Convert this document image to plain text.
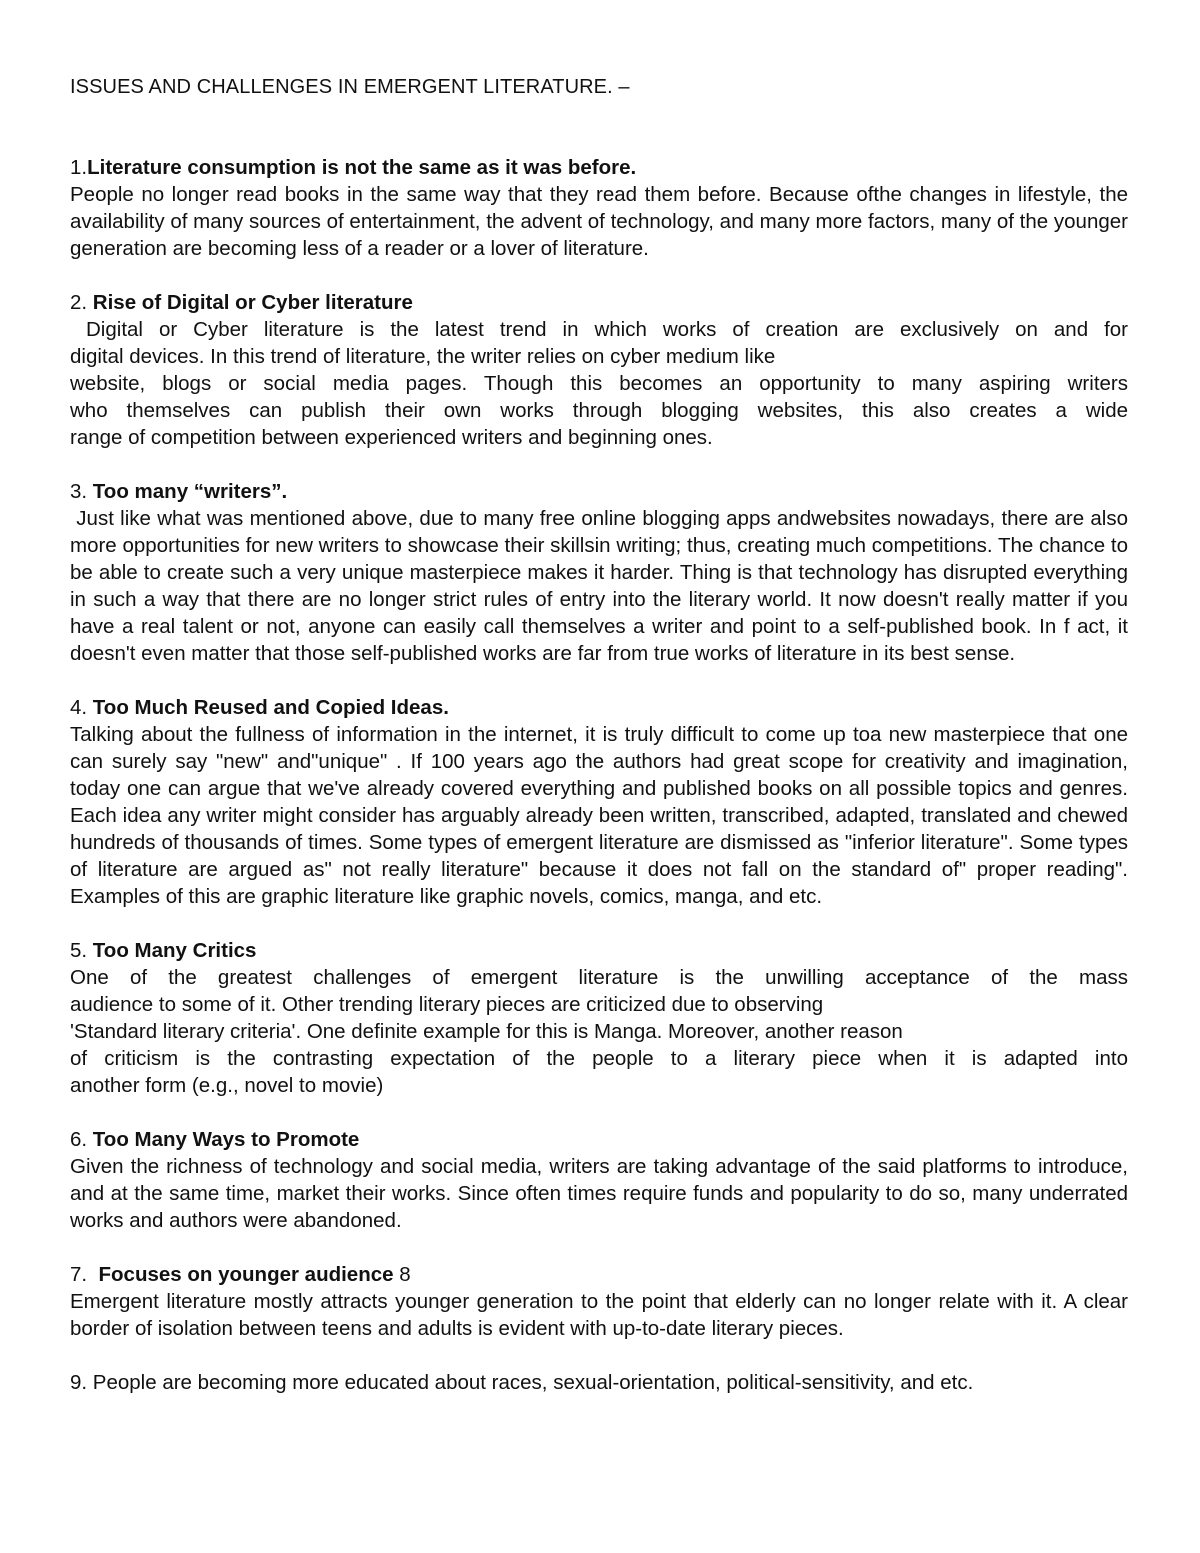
ISSUES AND CHALLENGES IN EMERGENT LITERATURE. –

1.Literature consumption is not the same as it was before.

People no longer read books in the same way that they read them before. Because ofthe changes in lifestyle, the availability of many sources of entertainment, the advent of technology, and many more factors, many of the younger generation are becoming less of a reader or a lover of literature.

2. Rise of Digital or Cyber literature

Digital or Cyber literature is the latest trend in which works of creation are exclusively on and for
digital devices. In this trend of literature, the writer relies on cyber medium like
website, blogs or social media pages. Though this becomes an opportunity to many aspiring writers
who themselves can publish their own works through blogging websites, this also creates a wide
range of competition between experienced writers and beginning ones.

3. Too many “writers”.

Just like what was mentioned above, due to many free online blogging apps andwebsites nowadays, there are also more opportunities for new writers to showcase their skillsin writing; thus, creating much competitions. The chance to be able to create such a very unique masterpiece makes it harder. Thing is that technology has disrupted everything in such a way that there are no longer strict rules of entry into the literary world. It now doesn't really matter if you have a real talent or not, anyone can easily call themselves a writer and point to a self-published book. In f act, it doesn't even matter that those self-published works are far from true works of literature in its best sense.

4. Too Much Reused and Copied Ideas.

Talking about the fullness of information in the internet, it is truly difficult to come up toa new masterpiece that one can surely say "new" and"unique" . If 100 years ago the authors had great scope for creativity and imagination, today one can argue that we've already covered everything and published books on all possible topics and genres. Each idea any writer might consider has arguably already been written, transcribed, adapted, translated and chewed hundreds of thousands of times. Some types of emergent literature are dismissed as "inferior literature". Some types of literature are argued as" not really literature" because it does not fall on the standard of" proper reading". Examples of this are graphic literature like graphic novels, comics, manga, and etc.

5. Too Many Critics

One of the greatest challenges of emergent literature is the unwilling acceptance of the mass
audience to some of it. Other trending literary pieces are criticized due to observing
'Standard literary criteria'. One definite example for this is Manga. Moreover, another reason
of criticism is the contrasting expectation of the people to a literary piece when it is adapted into
another form (e.g., novel to movie)

6. Too Many Ways to Promote

Given the richness of technology and social media, writers are taking advantage of the said platforms to introduce, and at the same time, market their works. Since often times require funds and popularity to do so, many underrated works and authors were abandoned.

7.  Focuses on younger audience 8

Emergent literature mostly attracts younger generation to the point that elderly can no longer relate with it. A clear border of isolation between teens and adults is evident with up-to-date literary pieces.

9. People are becoming more educated about races, sexual-orientation, political-sensitivity, and etc.
